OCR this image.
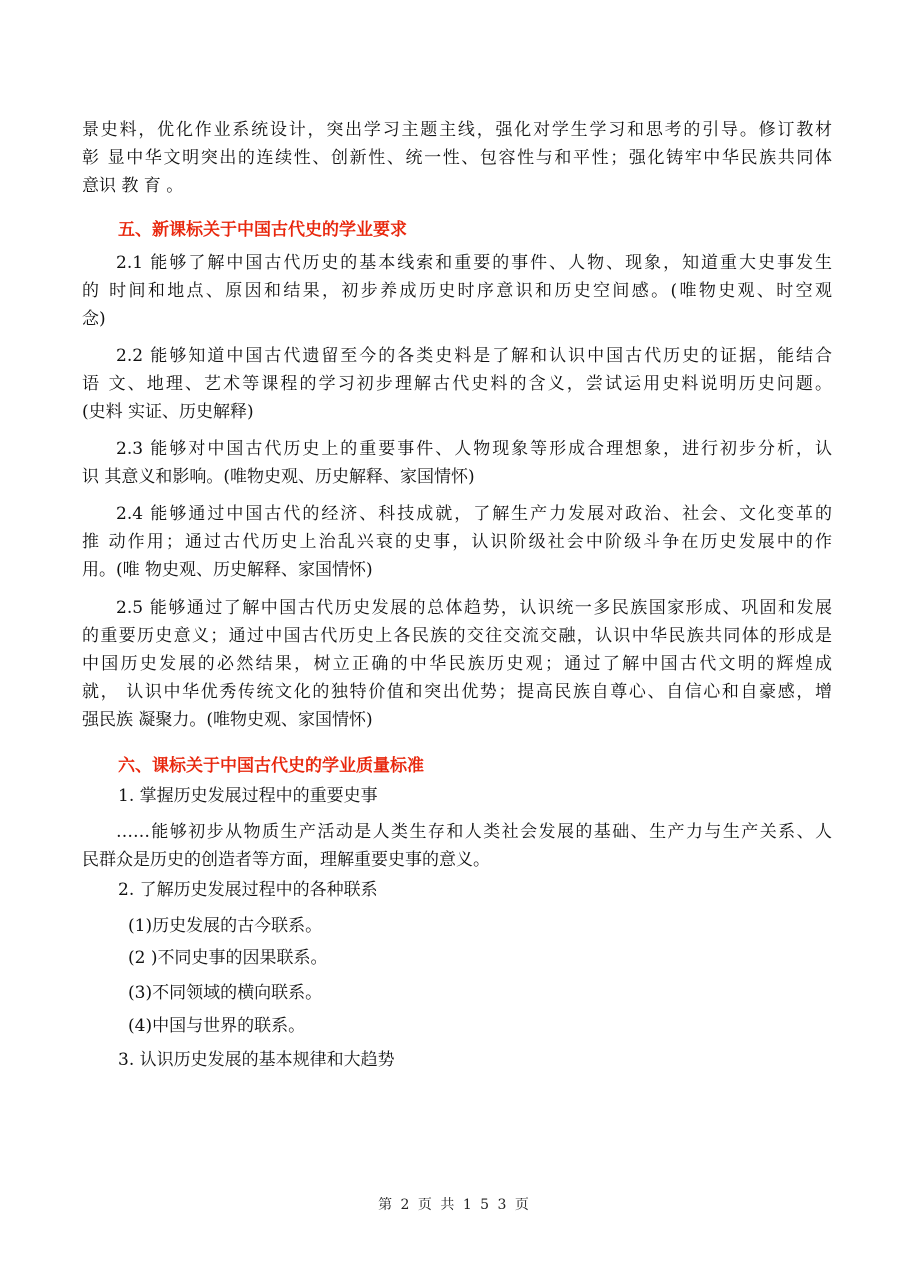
景史料，优化作业系统设计，突出学习主题主线，强化对学生学习和思考的引导。修订教材
彰 显中华文明突出的连续性、创新性、统一性、包容性与和平性；强化铸牢中华民族共同体
意识 教 育 。
五、新课标关于中国古代史的学业要求
2.1 能够了解中国古代历史的基本线索和重要的事件、人物、现象，知道重大史事发生
的 时间和地点、原因和结果，初步养成历史时序意识和历史空间感。(唯物史观、时空观
念)
2.2 能够知道中国古代遗留至今的各类史料是了解和认识中国古代历史的证据，能结合
语 文、地理、艺术等课程的学习初步理解古代史料的含义，尝试运用史料说明历史问题。
(史料 实证、历史解释)
2.3 能够对中国古代历史上的重要事件、人物现象等形成合理想象，进行初步分析，认
识 其意义和影响。(唯物史观、历史解释、家国情怀)
2.4 能够通过中国古代的经济、科技成就，了解生产力发展对政治、社会、文化变革的
推 动作用；通过古代历史上治乱兴衰的史事，认识阶级社会中阶级斗争在历史发展中的作
用。(唯 物史观、历史解释、家国情怀)
2.5 能够通过了解中国古代历史发展的总体趋势，认识统一多民族国家形成、巩固和发展
的重要历史意义；通过中国古代历史上各民族的交往交流交融，认识中华民族共同体的形成是
中国历史发展的必然结果，树立正确的中华民族历史观；通过了解中国古代文明的辉煌成
就， 认识中华优秀传统文化的独特价值和突出优势；提高民族自尊心、自信心和自豪感，增
强民族 凝聚力。(唯物史观、家国情怀)
六、课标关于中国古代史的学业质量标准
1. 掌握历史发展过程中的重要史事
……能够初步从物质生产活动是人类生存和人类社会发展的基础、生产力与生产关系、人
民群众是历史的创造者等方面，理解重要史事的意义。
2. 了解历史发展过程中的各种联系
(1)历史发展的古今联系。
(2 )不同史事的因果联系。
(3)不同领域的横向联系。
(4)中国与世界的联系。
3. 认识历史发展的基本规律和大趋势
第 2 页 共 1 5 3 页
